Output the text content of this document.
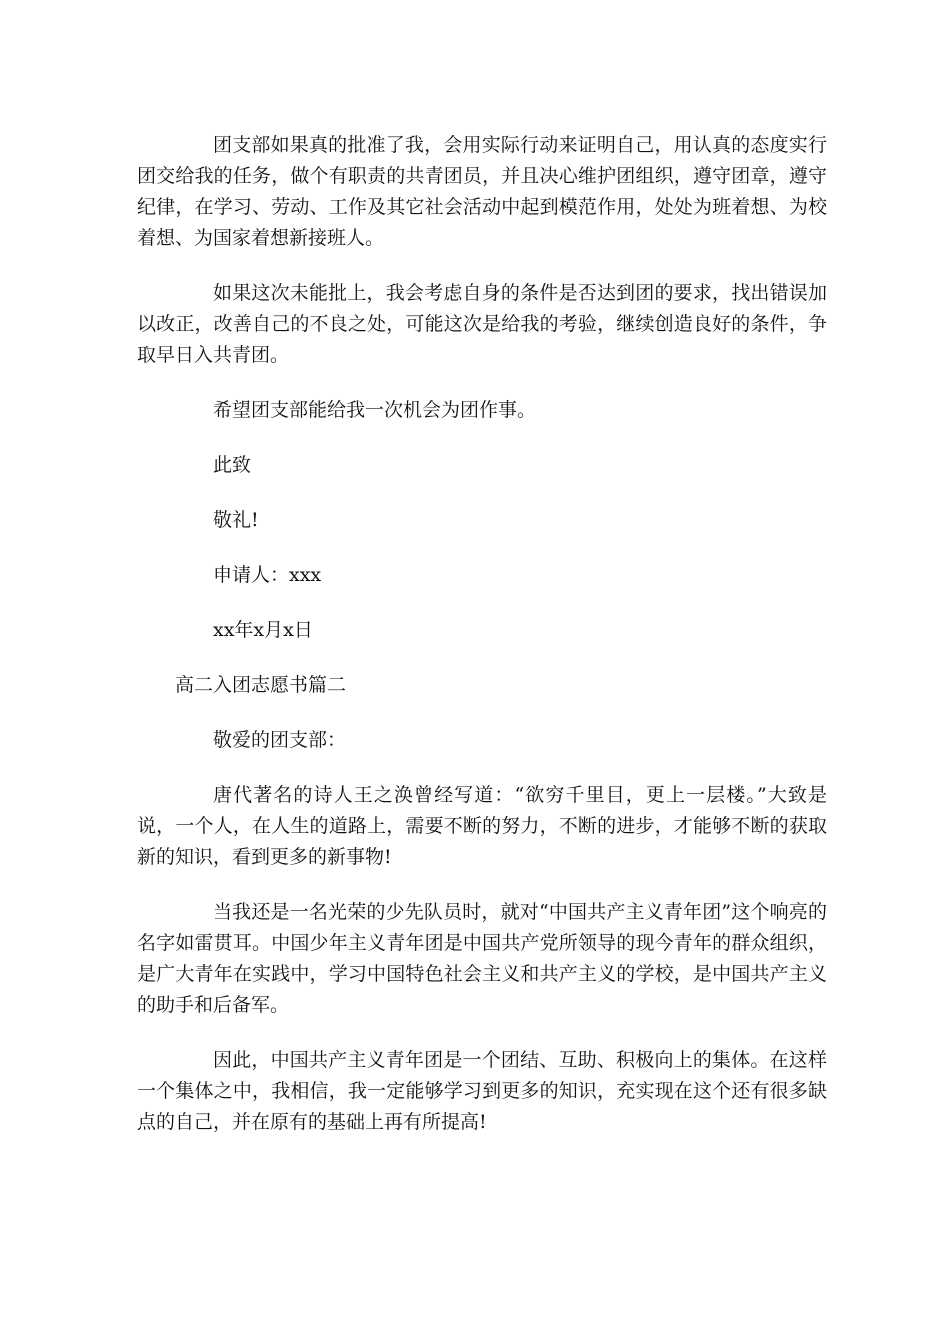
团支部如果真的批准了我，会用实际行动来证明自己，用认真的态度实行团交给我的任务，做个有职责的共青团员，并且决心维护团组织，遵守团章，遵守纪律，在学习、劳动、工作及其它社会活动中起到模范作用，处处为班着想、为校着想、为国家着想新接班人。

如果这次未能批上，我会考虑自身的条件是否达到团的要求，找出错误加以改正，改善自己的不良之处，可能这次是给我的考验，继续创造良好的条件，争取早日入共青团。

希望团支部能给我一次机会为团作事。

此致

敬礼!

申请人：xxx

xx年x月x日

高二入团志愿书篇二

敬爱的团支部：

唐代著名的诗人王之涣曾经写道：“欲穷千里目，更上一层楼。”大致是说，一个人，在人生的道路上，需要不断的努力，不断的进步，才能够不断的获取新的知识，看到更多的新事物!

当我还是一名光荣的少先队员时，就对“中国共产主义青年团”这个响亮的名字如雷贯耳。中国少年主义青年团是中国共产党所领导的现今青年的群众组织，是广大青年在实践中，学习中国特色社会主义和共产主义的学校，是中国共产主义的助手和后备军。

因此，中国共产主义青年团是一个团结、互助、积极向上的集体。在这样一个集体之中，我相信，我一定能够学习到更多的知识，充实现在这个还有很多缺点的自己，并在原有的基础上再有所提高!
